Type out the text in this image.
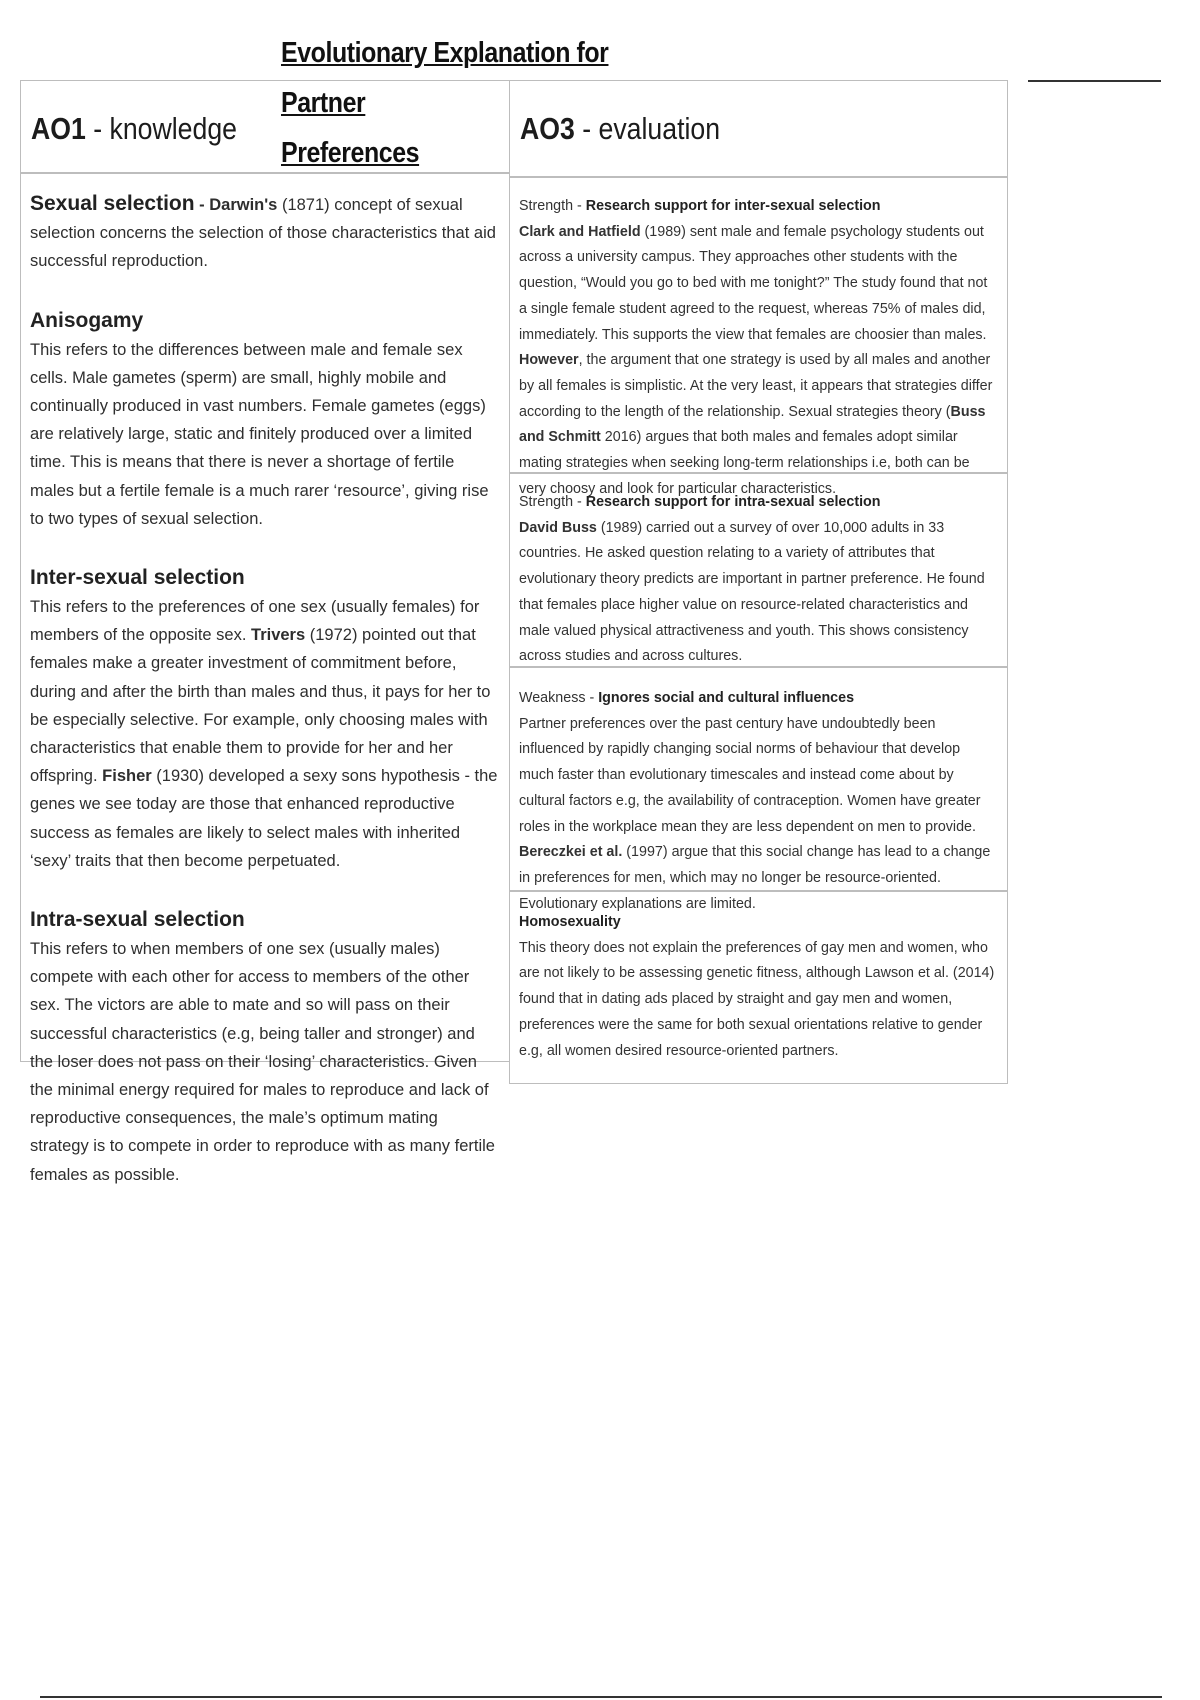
Evolutionary Explanation for Partner
Preferences
AO1 - knowledge

Sexual selection - Darwin's (1871) concept of sexual selection concerns the selection of those characteristics that aid successful reproduction.

Anisogamy

This refers to the differences between male and female sex cells. Male gametes (sperm) are small, highly mobile and continually produced in vast numbers. Female gametes (eggs) are relatively large, static and finitely produced over a limited time. This is means that there is never a shortage of fertile males but a fertile female is a much rarer ‘resource’, giving rise to two types of sexual selection.

Inter-sexual selection

This refers to the preferences of one sex (usually females) for members of the opposite sex. Trivers (1972) pointed out that females make a greater investment of commitment before, during and after the birth than males and thus, it pays for her to be especially selective. For example, only choosing males with characteristics that enable them to provide for her and her offspring. Fisher (1930) developed a sexy sons hypothesis - the genes we see today are those that enhanced reproductive success as females are likely to select males with inherited ‘sexy’ traits that then become perpetuated.

Intra-sexual selection

This refers to when members of one sex (usually males) compete with each other for access to members of the other sex. The victors are able to mate and so will pass on their successful characteristics (e.g, being taller and stronger) and the loser does not pass on their ‘losing’ characteristics. Given the minimal energy required for males to reproduce and lack of reproductive consequences, the male’s optimum mating strategy is to compete in order to reproduce with as many fertile females as possible.

AO3 - evaluation

Strength - Research support for inter-sexual selection

Clark and Hatfield (1989) sent male and female psychology students out across a university campus. They approaches other students with the question, “Would you go to bed with me tonight?” The study found that not a single female student agreed to the request, whereas 75% of males did, immediately. This supports the view that females are choosier than males. However, the argument that one strategy is used by all males and another by all females is simplistic. At the very least, it appears that strategies differ according to the length of the relationship. Sexual strategies theory (Buss and Schmitt 2016) argues that both males and females adopt similar mating strategies when seeking long-term relationships i.e, both can be very choosy and look for particular characteristics.

Strength - Research support for intra-sexual selection

David Buss (1989) carried out a survey of over 10,000 adults in 33 countries. He asked question relating to a variety of attributes that evolutionary theory predicts are important in partner preference. He found that females place higher value on resource-related characteristics and male valued physical attractiveness and youth. This shows consistency across studies and across cultures.

Weakness - Ignores social and cultural influences

Partner preferences over the past century have undoubtedly been influenced by rapidly changing social norms of behaviour that develop much faster than evolutionary timescales and instead come about by cultural factors e.g, the availability of contraception. Women have greater roles in the workplace mean they are less dependent on men to provide. Bereczkei et al. (1997) argue that this social change has lead to a change in preferences for men, which may no longer be resource-oriented. Evolutionary explanations are limited.

Homosexuality

This theory does not explain the preferences of gay men and women, who are not likely to be assessing genetic fitness, although Lawson et al. (2014) found that in dating ads placed by straight and gay men and women, preferences were the same for both sexual orientations relative to gender e.g, all women desired resource-oriented partners.
